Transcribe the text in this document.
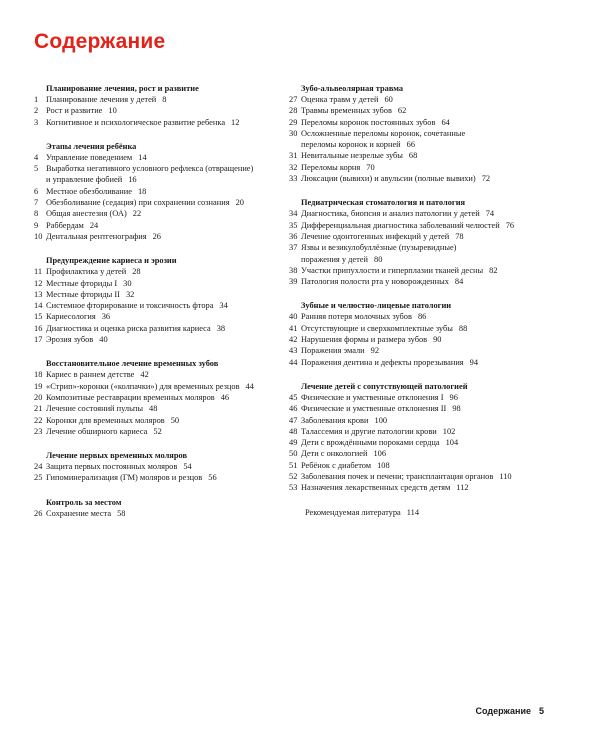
Содержание
Планирование лечения, рост и развитие
1 Планирование лечения у детей 8
2 Рост и развитие 10
3 Когнитивное и психологическое развитие ребенка 12
Этапы лечения ребёнка
4 Управление поведением 14
5 Выработка негативного условного рефлекса (отвращение)
и управление фобией 16
6 Местное обезболивание 18
7 Обезболивание (седация) при сохранении сознания 20
8 Общая анестезия (ОА) 22
9 Раббердам 24
10 Дентальная рентгенография 26
Предупреждение кариеса и эрозии
11 Профилактика у детей 28
12 Местные фториды I 30
13 Местные фториды II 32
14 Системное фторирование и токсичность фтора 34
15 Кариесология 36
16 Диагностика и оценка риска развития кариеса 38
17 Эрозия зубов 40
Восстановительное лечение временных зубов
18 Кариес в раннем детстве 42
19 «Стрип»-коронки («колпачки») для временных резцов 44
20 Композитные реставрации временных моляров 46
21 Лечение состояний пульпы 48
22 Коронки для временных моляров 50
23 Лечение обширного кариеса 52
Лечение первых временных моляров
24 Защита первых постоянных моляров 54
25 Гипоминерализация (ГМ) моляров и резцов 56
Контроль за местом
26 Сохранение места 58
Зубо-альвеолярная травма
27 Оценка травм у детей 60
28 Травмы временных зубов 62
29 Переломы коронок постоянных зубов 64
30 Осложненные переломы коронок, сочетанные
переломы коронок и корней 66
31 Невитальные незрелые зубы 68
32 Переломы корня 70
33 Люксации (вывихи) и авульсии (полные вывихи) 72
Педиатрическая стоматология и патология
34 Диагностика, биопсия и анализ патологии у детей 74
35 Дифференциальная диагностика заболеваний челюстей 76
36 Лечение одонтогенных инфекций у детей 78
37 Язвы и везикулобуллёзные (пузыревидные)
поражения у детей 80
38 Участки припухлости и гиперплазии тканей десны 82
39 Патология полости рта у новорожденных 84
Зубные и челюстно-лицевые патологии
40 Ранняя потеря молочных зубов 86
41 Отсутствующие и сверхкомплектные зубы 88
42 Нарушения формы и размера зубов 90
43 Поражения эмали 92
44 Поражения дентина и дефекты прорезывания 94
Лечение детей с сопутствующей патологией
45 Физические и умственные отклонения I 96
46 Физические и умственные отклонения II 98
47 Заболевания крови 100
48 Талассемия и другие патологии крови 102
49 Дети с врождёнными пороками сердца 104
50 Дети с онкологией 106
51 Ребёнок с диабетом 108
52 Заболевания почек и печени; трансплантация органов 110
53 Назначения лекарственных средств детям 112
Рекомендуемая литература 114
Содержание 5
